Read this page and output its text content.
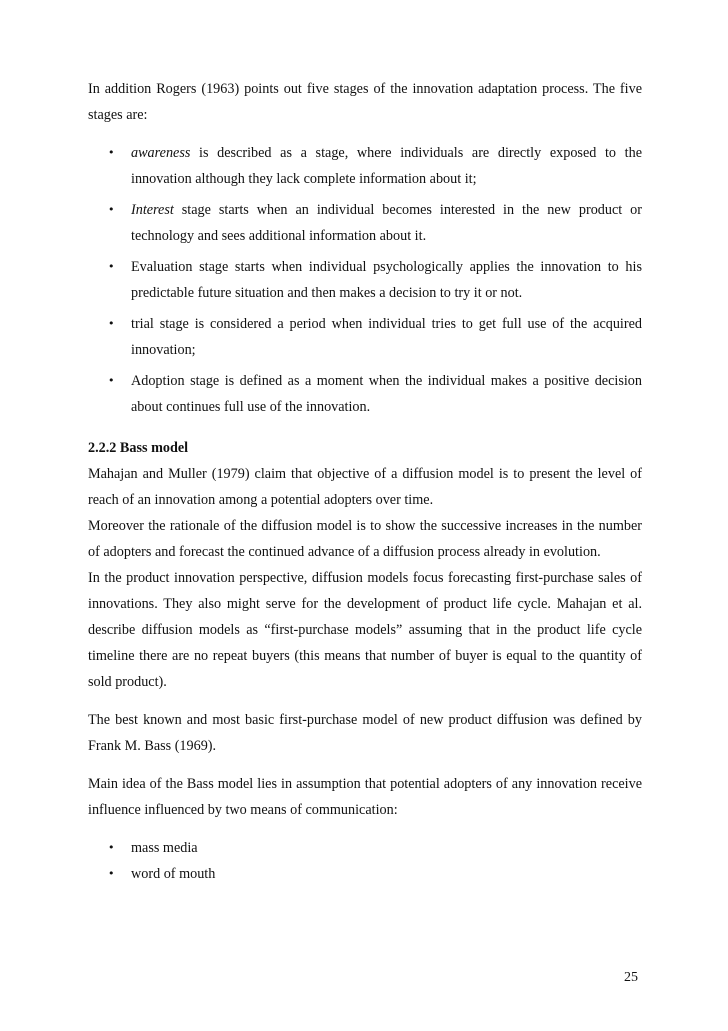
In addition Rogers (1963) points out five stages of the innovation adaptation process. The five stages are:

• awareness is described as a stage, where individuals are directly exposed to the innovation although they lack complete information about it;
• Interest stage starts when an individual becomes interested in the new product or technology and sees additional information about it.
• Evaluation stage starts when individual psychologically applies the innovation to his predictable future situation and then makes a decision to try it or not.
• trial stage is considered a period when individual tries to get full use of the acquired innovation;
• Adoption stage is defined as a moment when the individual makes a positive decision about continues full use of the innovation.
2.2.2 Bass model

Mahajan and Muller (1979) claim that objective of a diffusion model is to present the level of reach of an innovation among a potential adopters over time.

Moreover the rationale of the diffusion model is to show the successive increases in the number of adopters and forecast the continued advance of a diffusion process already in evolution.

In the product innovation perspective, diffusion models focus forecasting first-purchase sales of innovations. They also might serve for the development of product life cycle. Mahajan et al. describe diffusion models as “first-purchase models” assuming that in the product life cycle timeline there are no repeat buyers (this means that number of buyer is equal to the quantity of sold product).

The best known and most basic first-purchase model of new product diffusion was defined by Frank M. Bass (1969).

Main idea of the Bass model lies in assumption that potential adopters of any innovation receive influence influenced by two means of communication:

• mass media
• word of mouth
25
